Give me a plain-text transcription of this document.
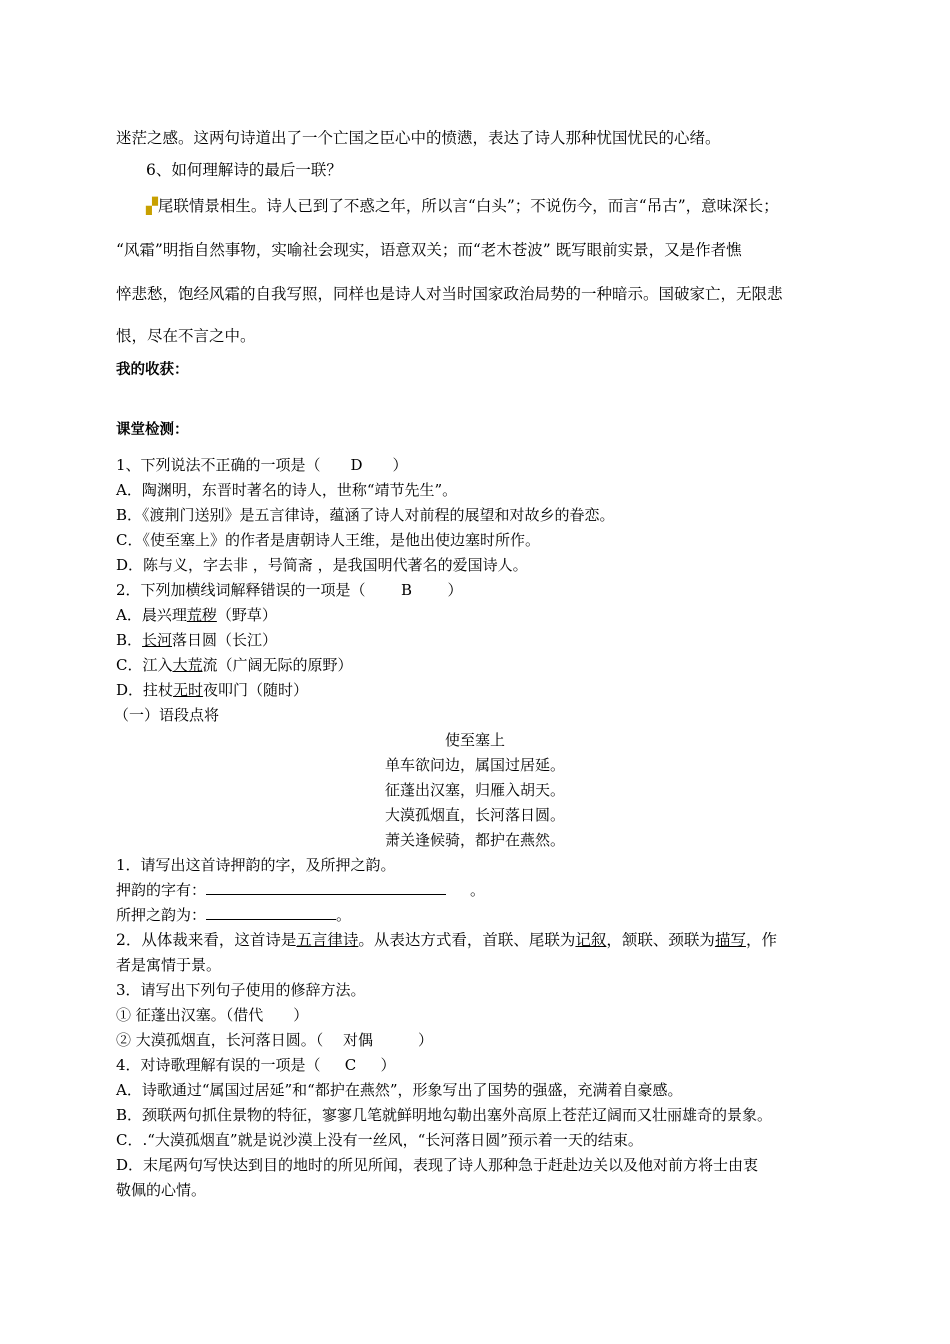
迷茫之感。这两句诗道出了一个亡国之臣心中的愤懑，表达了诗人那种忧国忧民的心绪。
6、如何理解诗的最后一联？
▞尾联情景相生。诗人已到了不惑之年，所以言“白头”；不说伤今，而言“吊古”，意味深长；
“风霜”明指自然事物，实喻社会现实，语意双关；而“老木苍波” 既写眼前实景，又是作者憔
悴悲愁，饱经风霜的自我写照，同样也是诗人对当时国家政治局势的一种暗示。国破家亡，无限悲
恨，尽在不言之中。
我的收获：
课堂检测：
1、下列说法不正确的一项是（ D ）
A．陶渊明，东晋时著名的诗人，世称“靖节先生”。
B．《渡荆门送别》是五言律诗，蕴涵了诗人对前程的展望和对故乡的眷恋。
C．《使至塞上》的作者是唐朝诗人王维，是他出使边塞时所作。
D．陈与义，字去非 ，号简斋 ，是我国明代著名的爱国诗人。
2．下列加横线词解释错误的一项是（ B ）
A．晨兴理荒秽（野草）
B．长河落日圆（长江）
C．江入大荒流（广阔无际的原野）
D．拄杖无时夜叩门（随时）
（一）语段点将
使至塞上
单车欲问边，属国过居延。
征蓬出汉塞，归雁入胡天。
大漠孤烟直，长河落日圆。
萧关逢候骑，都护在燕然。
1．请写出这首诗押韵的字，及所押之韵。
押韵的字有：	。
所押之韵为：	。
2．从体裁来看，这首诗是五言律诗。从表达方式看，首联、尾联为记叙，颔联、颈联为描写，作
者是寓情于景。
3．请写出下列句子使用的修辞方法。
① 征蓬出汉塞。（借代　　）
② 大漠孤烟直，长河落日圆。（　 对偶　　　）
4．对诗歌理解有误的一项是（ C ）
A．诗歌通过“属国过居延”和“都护在燕然”，形象写出了国势的强盛，充满着自豪感。
B．颈联两句抓住景物的特征，寥寥几笔就鲜明地勾勒出塞外高原上苍茫辽阔而又壮丽雄奇的景象。
C．.“大漠孤烟直”就是说沙漠上没有一丝风，“长河落日圆”预示着一天的结束。
D．末尾两句写快达到目的地时的所见所闻，表现了诗人那种急于赶赴边关以及他对前方将士由衷
敬佩的心情。
